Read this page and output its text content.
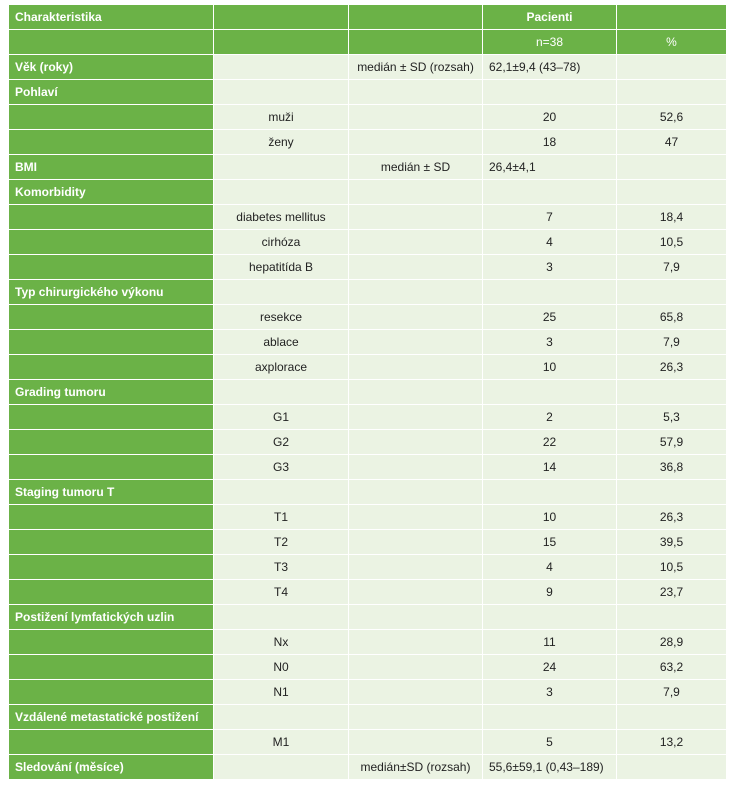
Charakteristika			Pacienti	
			n=38	%
Věk (roky)		medián ± SD (rozsah)	62,1±9,4 (43–78)	
Pohlaví				
	muži		20	52,6
	ženy		18	47
BMI		medián ± SD	26,4±4,1	
Komorbidity				
	diabetes mellitus		7	18,4
	cirhóza		4	10,5
	hepatitída B		3	7,9
Typ chirurgického výkonu				
	resekce		25	65,8
	ablace		3	7,9
	axplorace		10	26,3
Grading tumoru				
	G1		2	5,3
	G2		22	57,9
	G3		14	36,8
Staging tumoru T				
	T1		10	26,3
	T2		15	39,5
	T3		4	10,5
	T4		9	23,7
Postižení lymfatických uzlin				
	Nx		11	28,9
	N0		24	63,2
	N1		3	7,9
Vzdálené metastatické postižení				
	M1		5	13,2
Sledování (měsíce)		medián±SD (rozsah)	55,6±59,1 (0,43–189)	
